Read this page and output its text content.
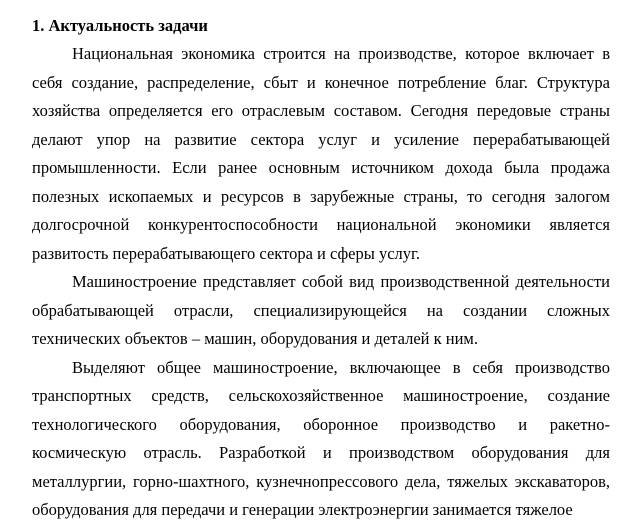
1. Актуальность задачи

Национальная экономика строится на производстве, которое включает в себя создание, распределение, сбыт и конечное потребление благ. Структура хозяйства определяется его отраслевым составом. Сегодня передовые страны делают упор на развитие сектора услуг и усиление перерабатывающей промышленности. Если ранее основным источником дохода была продажа полезных ископаемых и ресурсов в зарубежные страны, то сегодня залогом долгосрочной конкурентоспособности национальной экономики является развитость перерабатывающего сектора и сферы услуг.

Машиностроение представляет собой вид производственной деятельности обрабатывающей отрасли, специализирующейся на создании сложных технических объектов – машин, оборудования и деталей к ним.

Выделяют общее машиностроение, включающее в себя производство транспортных средств, сельскохозяйственное машиностроение, создание технологического оборудования, оборонное производство и ракетно-космическую отрасль. Разработкой и производством оборудования для металлургии, горно-шахтного, кузнечнопрессового дела, тяжелых экскаваторов, оборудования для передачи и генерации электроэнергии занимается тяжелое
